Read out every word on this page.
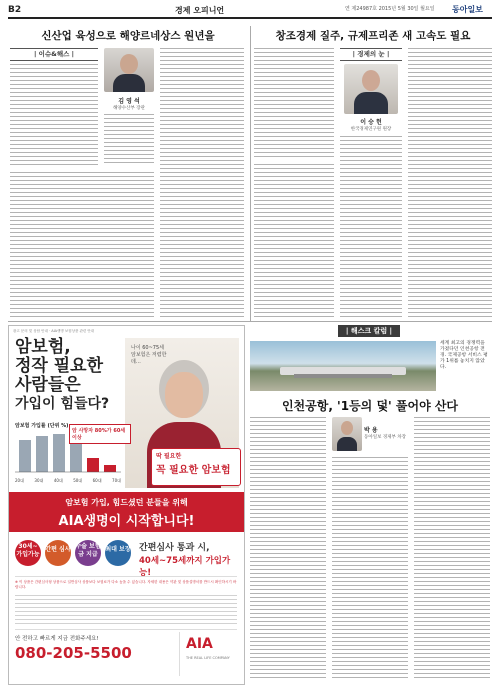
B2	경제 오피니언	연 제24987호 2015년 5월 30일 월요일 동아일보
신산업 육성으로 해양르네상스 원년을
| 이슈&해스 |
김 영 석
해양수산부 장관
창조경제 질주, 규제프리존 새 고속도 필요
| 경제의 눈 |
이 승 헌
한국경제연구원 원장
광고 문의 및 상담 안내 · AIA생명 보험상품 관련 안내
암보험,
정작 필요한
사람들은
가입이 힘들다?
나이 60~75세 암보험은 저렴한데…
암보험 가입률 (단위 %)
20대	30대	40대	50대	60대	70대
암 사망자 80%가 60세 이상
딱 필요한
꼭 필요한 암보험
암보험 가입, 힘드셨던 분들을 위해
AIA생명이 시작합니다!
30세~ 가입가능
간편 심사 수술 보험금 지급
최대 보장 간편심사 통과 시,
40세~75세까지 가입가능!
※ 이 상품은 간편심사형 상품으로 일반심사 상품보다 보험료가 다소 높을 수 있습니다. 자세한 내용은 약관 및 상품설명서를 반드시 확인하시기 바랍니다.
안 전하고 빠르게 지금 전화주세요!
080-205-5500	AIA
THE REAL LIFE COMPANY
| 해스크 칼럼 |
세계 최고의 경쟁력을 가졌다던 인천공항 전경. 국제공항 서비스 평가 1위를 놓치지 않았다.
인천공항, '1등의 덫' 풀어야 산다
박 용
동아일보 경제부 차장
